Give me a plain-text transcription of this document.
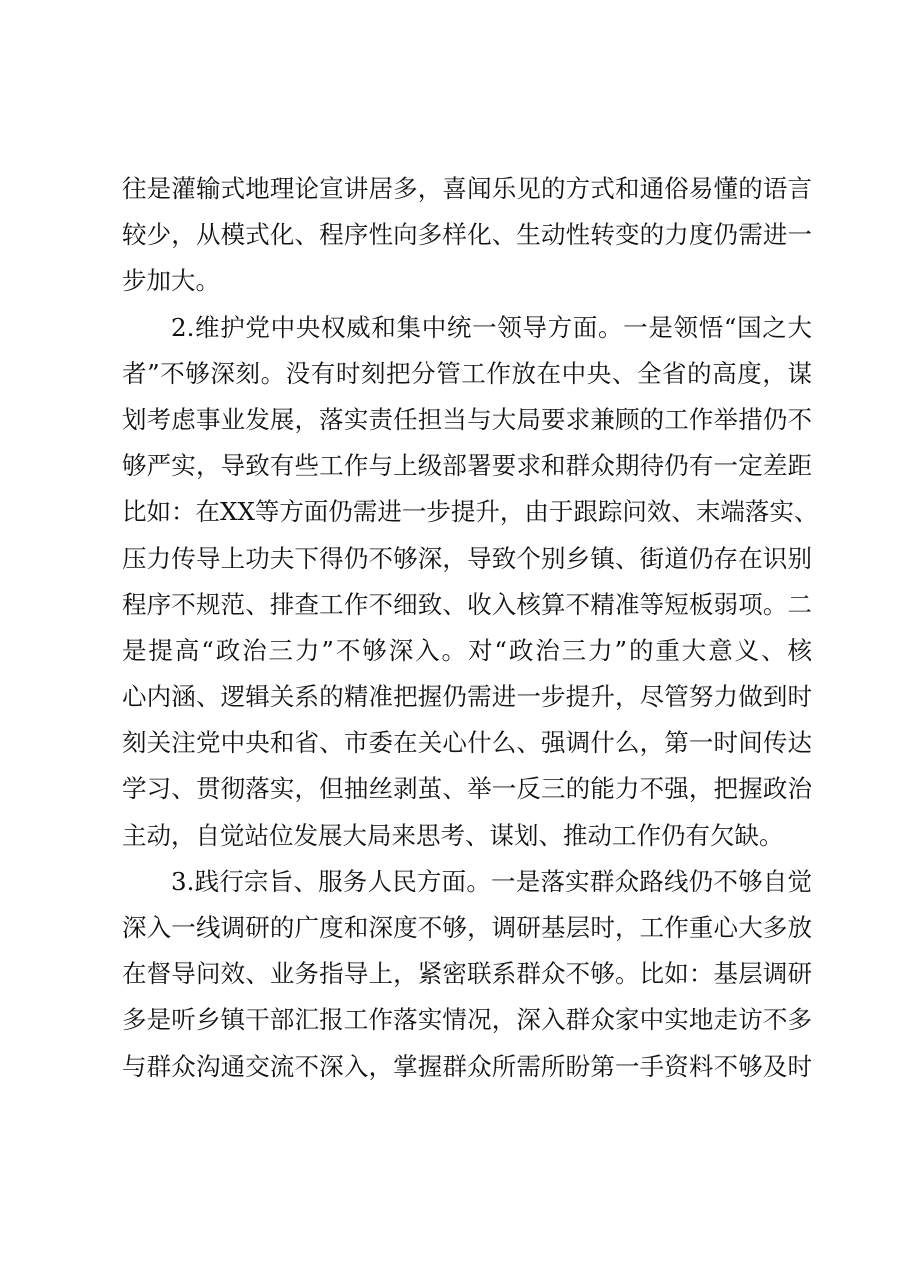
往是灌输式地理论宣讲居多，喜闻乐见的方式和通俗易懂的语言
较少，从模式化、程序性向多样化、生动性转变的力度仍需进一
步加大。
2.维护党中央权威和集中统一领导方面。一是领悟“国之大
者”不够深刻。没有时刻把分管工作放在中央、全省的高度，谋
划考虑事业发展，落实责任担当与大局要求兼顾的工作举措仍不
够严实，导致有些工作与上级部署要求和群众期待仍有一定差距
比如：在XX等方面仍需进一步提升，由于跟踪问效、末端落实、
压力传导上功夫下得仍不够深，导致个别乡镇、街道仍存在识别
程序不规范、排查工作不细致、收入核算不精准等短板弱项。二
是提高“政治三力”不够深入。对“政治三力”的重大意义、核
心内涵、逻辑关系的精准把握仍需进一步提升，尽管努力做到时
刻关注党中央和省、市委在关心什么、强调什么，第一时间传达
学习、贯彻落实，但抽丝剥茧、举一反三的能力不强，把握政治
主动，自觉站位发展大局来思考、谋划、推动工作仍有欠缺。
3.践行宗旨、服务人民方面。一是落实群众路线仍不够自觉
深入一线调研的广度和深度不够，调研基层时，工作重心大多放
在督导问效、业务指导上，紧密联系群众不够。比如：基层调研
多是听乡镇干部汇报工作落实情况，深入群众家中实地走访不多
与群众沟通交流不深入，掌握群众所需所盼第一手资料不够及时
